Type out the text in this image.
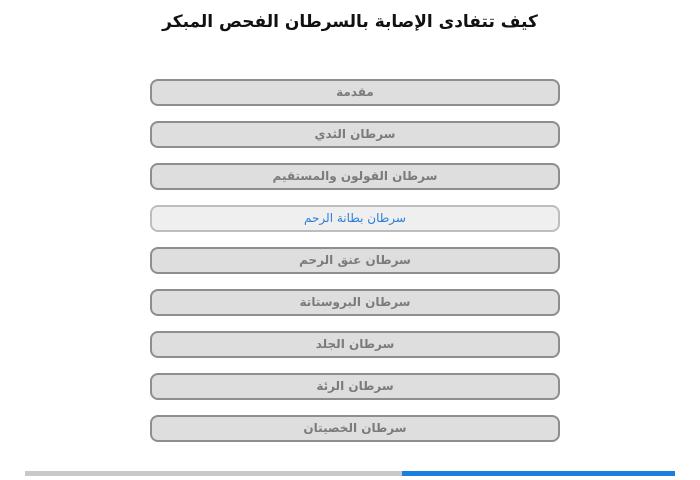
كيف تتفادى الإصابة بالسرطان الفحص المبكر
مقدمة
سرطان الثدي
سرطان القولون والمستقيم
سرطان بطانة الرحم
سرطان عنق الرحم
سرطان البروستاتة
سرطان الجلد
سرطان الرئة
سرطان الخصيتان
